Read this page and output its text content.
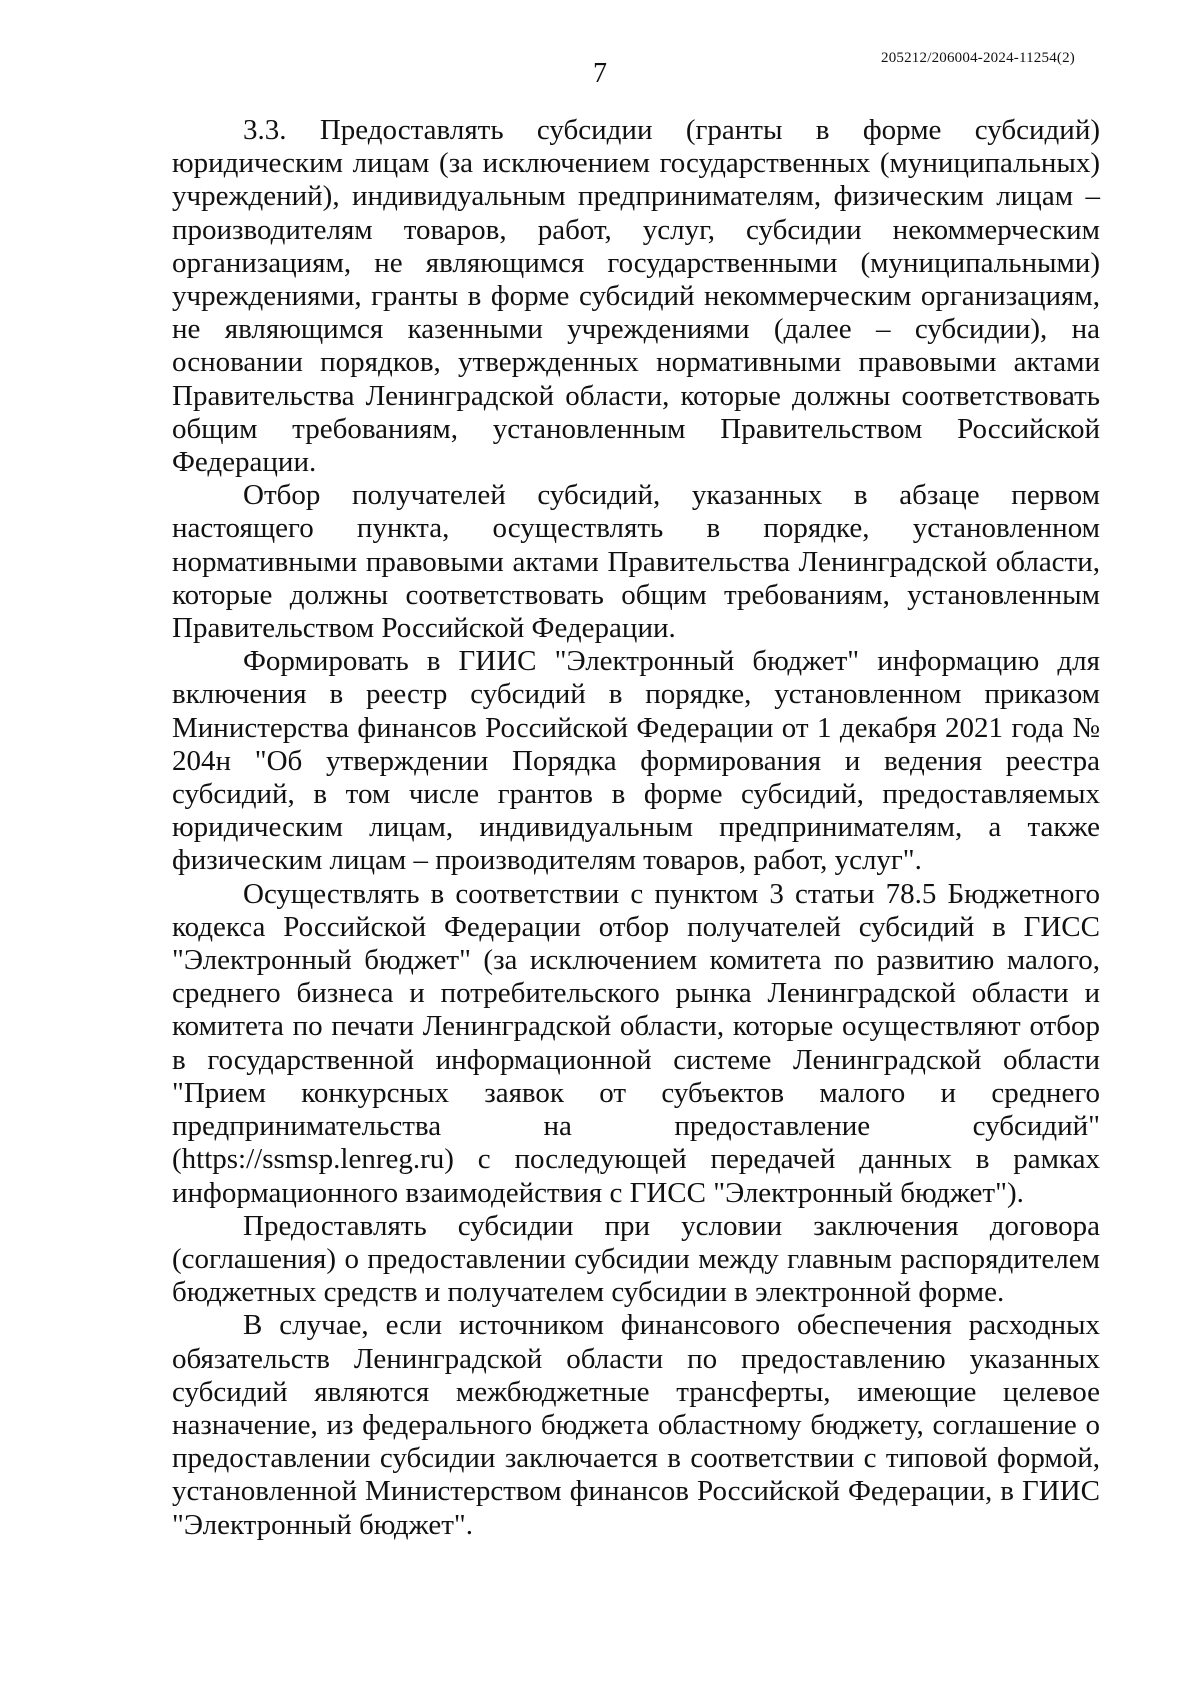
205212/206004-2024-11254(2)
7

3.3. Предоставлять субсидии (гранты в форме субсидий) юридическим лицам (за исключением государственных (муниципальных) учреждений), индивидуальным предпринимателям, физическим лицам – производителям товаров, работ, услуг, субсидии некоммерческим организациям, не являющимся государственными (муниципальными) учреждениями, гранты в форме субсидий некоммерческим организациям, не являющимся казенными учреждениями (далее – субсидии), на основании порядков, утвержденных нормативными правовыми актами Правительства Ленинградской области, которые должны соответствовать общим требованиям, установленным Правительством Российской Федерации.

Отбор получателей субсидий, указанных в абзаце первом настоящего пункта, осуществлять в порядке, установленном нормативными правовыми актами Правительства Ленинградской области, которые должны соответствовать общим требованиям, установленным Правительством Российской Федерации.

Формировать в ГИИС "Электронный бюджет" информацию для включения в реестр субсидий в порядке, установленном приказом Министерства финансов Российской Федерации от 1 декабря 2021 года № 204н "Об утверждении Порядка формирования и ведения реестра субсидий, в том числе грантов в форме субсидий, предоставляемых юридическим лицам, индивидуальным предпринимателям, а также физическим лицам – производителям товаров, работ, услуг".

Осуществлять в соответствии с пунктом 3 статьи 78.5 Бюджетного кодекса Российской Федерации отбор получателей субсидий в ГИСС "Электронный бюджет" (за исключением комитета по развитию малого, среднего бизнеса и потребительского рынка Ленинградской области и комитета по печати Ленинградской области, которые осуществляют отбор в государственной информационной системе Ленинградской области "Прием конкурсных заявок от субъектов малого и среднего предпринимательства на предоставление субсидий" (https://ssmsp.lenreg.ru) с последующей передачей данных в рамках информационного взаимодействия с ГИСС "Электронный бюджет").

Предоставлять субсидии при условии заключения договора (соглашения) о предоставлении субсидии между главным распорядителем бюджетных средств и получателем субсидии в электронной форме.

В случае, если источником финансового обеспечения расходных обязательств Ленинградской области по предоставлению указанных субсидий являются межбюджетные трансферты, имеющие целевое назначение, из федерального бюджета областному бюджету, соглашение о предоставлении субсидии заключается в соответствии с типовой формой, установленной Министерством финансов Российской Федерации, в ГИИС "Электронный бюджет".
